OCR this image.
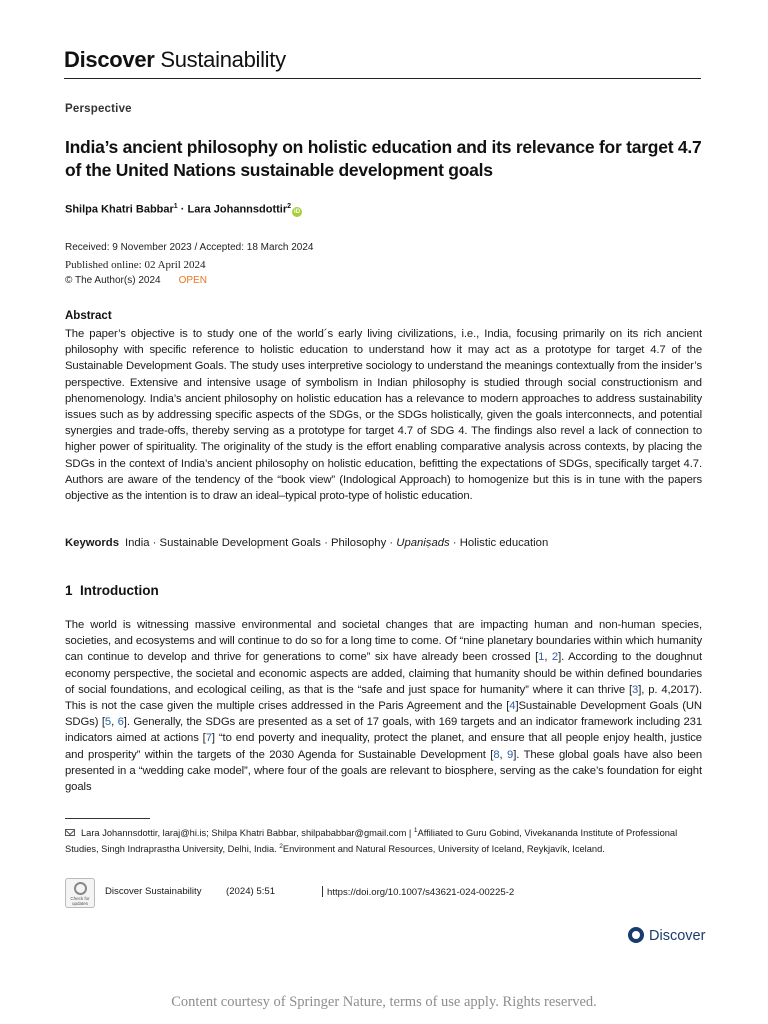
Discover Sustainability
Perspective
India’s ancient philosophy on holistic education and its relevance for target 4.7 of the United Nations sustainable development goals
Shilpa Khatri Babbar$^1$ · Lara Johannsdottir$^2$iD
Received: 9 November 2023 / Accepted: 18 March 2024
Published online: 02 April 2024
© The Author(s) 2024 OPEN
Abstract
The paper’s objective is to study one of the world´s early living civilizations, i.e., India, focusing primarily on its rich ancient philosophy with specific reference to holistic education to understand how it may act as a prototype for target 4.7 of the Sustainable Development Goals. The study uses interpretive sociology to understand the meanings contextually from the insider’s perspective. Extensive and intensive usage of symbolism in Indian philosophy is studied through social constructionism and phenomenology. India’s ancient philosophy on holistic education has a relevance to modern approaches to address sustainability issues such as by addressing specific aspects of the SDGs, or the SDGs holistically, given the goals interconnects, and potential synergies and trade-offs, thereby serving as a prototype for target 4.7 of SDG 4. The findings also revel a lack of connection to higher power of spirituality. The originality of the study is the effort enabling comparative analysis across contexts, by placing the SDGs in the context of India’s ancient philosophy on holistic education, befitting the expectations of SDGs, specifically target 4.7. Authors are aware of the tendency of the “book view” (Indological Approach) to homogenize but this is in tune with the papers objective as the intention is to draw an ideal–typical proto-type of holistic education.
Keywords India · Sustainable Development Goals · Philosophy · Upaniṣads · Holistic education
1 Introduction
The world is witnessing massive environmental and societal changes that are impacting human and non-human species, societies, and ecosystems and will continue to do so for a long time to come. Of “nine planetary boundaries within which humanity can continue to develop and thrive for generations to come” six have already been crossed [1, 2]. According to the doughnut economy perspective, the societal and economic aspects are added, claiming that humanity should be within defined boundaries of social foundations, and ecological ceiling, as that is the “safe and just space for humanity” where it can thrive [3], p. 4,2017). This is not the case given the multiple crises addressed in the Paris Agreement and the [4]Sustainable Development Goals (UN SDGs) [5, 6]. Generally, the SDGs are presented as a set of 17 goals, with 169 targets and an indicator framework including 231 indicators aimed at actions [7] “to end poverty and inequality, protect the planet, and ensure that all people enjoy health, justice and prosperity” within the targets of the 2030 Agenda for Sustainable Development [8, 9]. These global goals have also been presented in a “wedding cake model”, where four of the goals are relevant to biosphere, serving as the cake’s foundation for eight goals
Lara Johannsdottir, laraj@hi.is; Shilpa Khatri Babbar, shilpababbar@gmail.com | $^1$Affiliated to Guru Gobind, Vivekananda Institute of Professional Studies, Singh Indraprastha University, Delhi, India. $^2$Environment and Natural Resources, University of Iceland, Reykjavík, Iceland.
Check for updates
Discover Sustainability	(2024) 5:51	https://doi.org/10.1007/s43621-024-00225-2
Discover
Content courtesy of Springer Nature, terms of use apply. Rights reserved.
